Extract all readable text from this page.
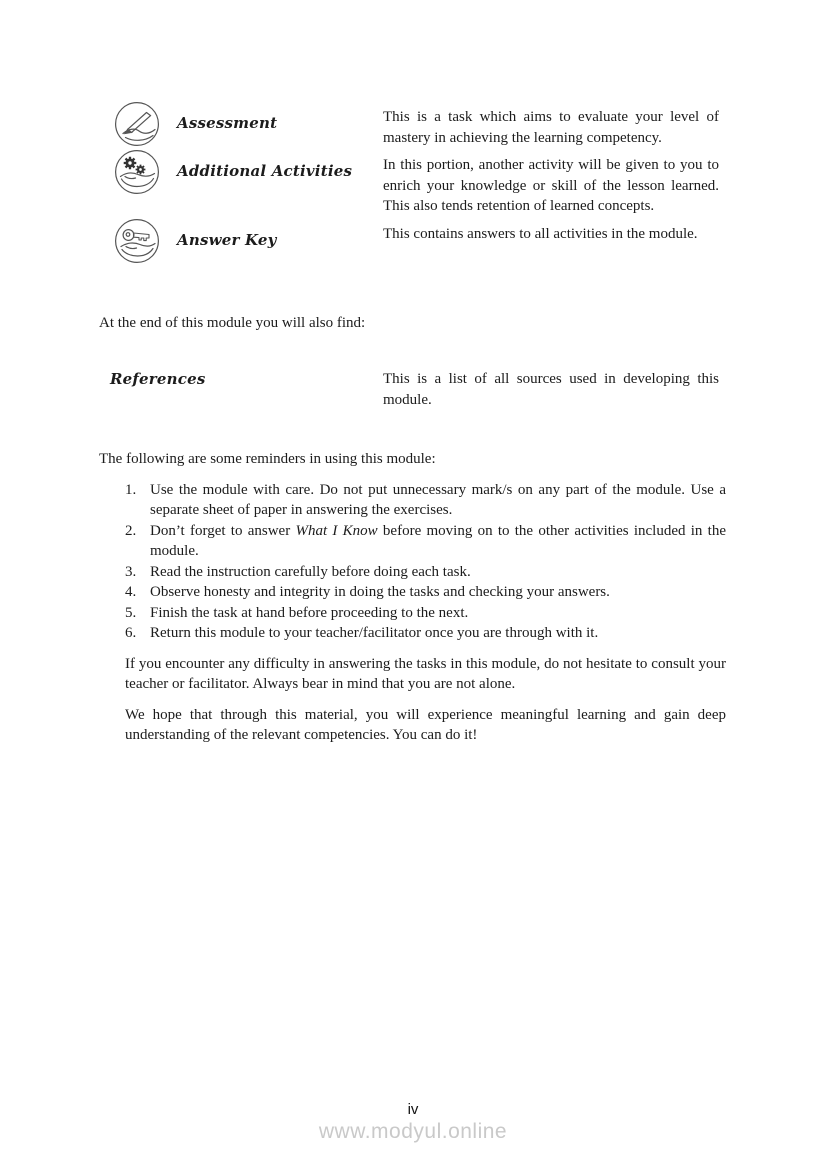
Assessment	This is a task which aims to evaluate your level of mastery in achieving the learning competency.
Additional Activities	In this portion, another activity will be given to you to enrich your knowledge or skill of the lesson learned. This also tends retention of learned concepts.
Answer Key	This contains answers to all activities in the module.

At the end of this module you will also find:

References	This is a list of all sources used in developing this module.

The following are some reminders in using this module:

1. Use the module with care. Do not put unnecessary mark/s on any part of the module. Use a separate sheet of paper in answering the exercises.
2. Don’t forget to answer What I Know before moving on to the other activities included in the module.
3. Read the instruction carefully before doing each task.
4. Observe honesty and integrity in doing the tasks and checking your answers.
5. Finish the task at hand before proceeding to the next.
6. Return this module to your teacher/facilitator once you are through with it.

If you encounter any difficulty in answering the tasks in this module, do not hesitate to consult your teacher or facilitator. Always bear in mind that you are not alone.

We hope that through this material, you will experience meaningful learning and gain deep understanding of the relevant competencies. You can do it!

iv
www.modyul.online
